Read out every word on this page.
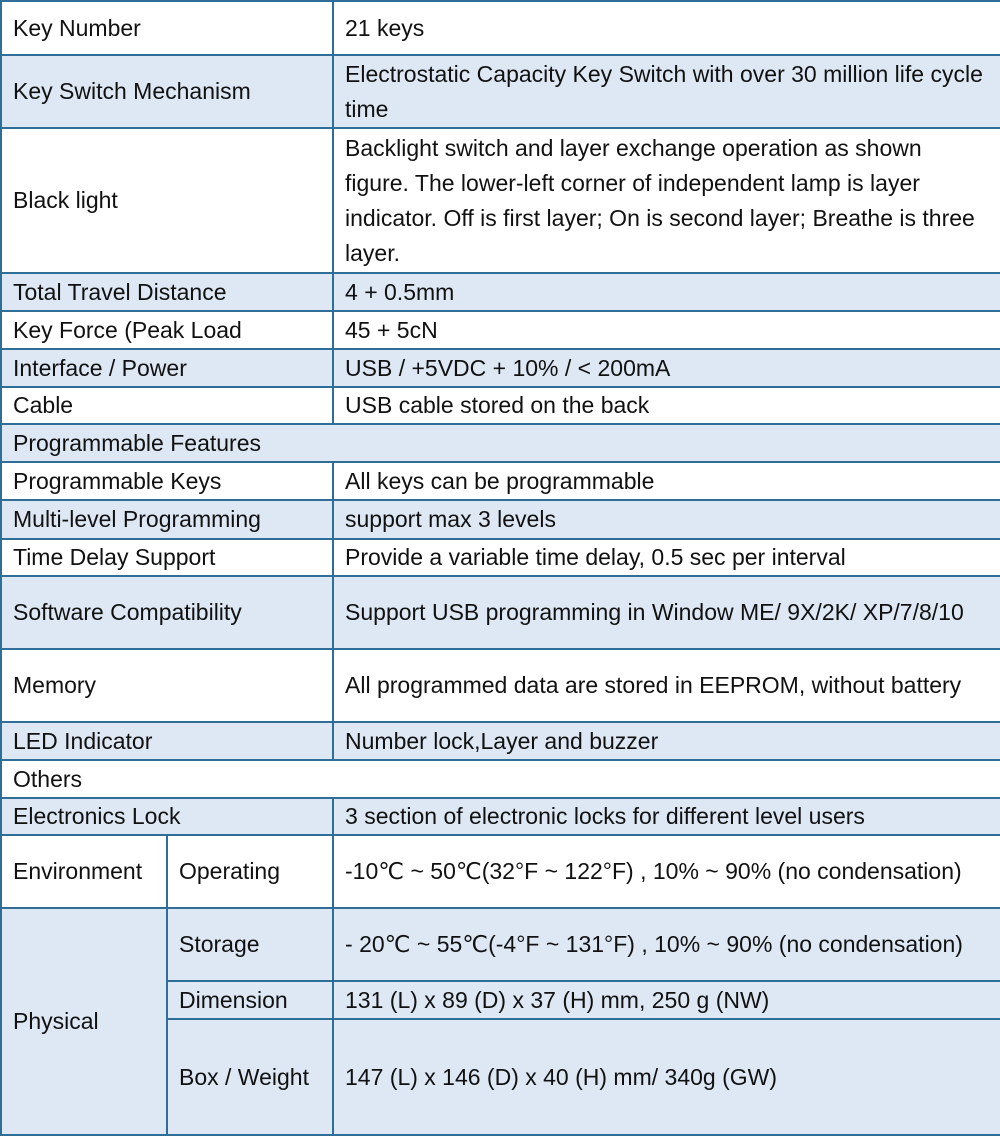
Key Number		21 keys
Key Switch Mechanism		Electrostatic Capacity Key Switch with over 30 million life cycle time
Black light		Backlight switch and layer exchange operation as shown figure. The lower-left corner of independent lamp is layer indicator. Off is first layer; On is second layer; Breathe is three layer.
Total Travel Distance		4 + 0.5mm
Key Force (Peak Load		45 + 5cN
Interface / Power		USB / +5VDC + 10% / < 200mA
Cable		USB cable stored on the back
Programmable Features		
Programmable Keys		All keys can be programmable
Multi-level Programming		support max 3 levels
Time Delay Support		Provide a variable time delay, 0.5 sec per interval
Software Compatibility		Support USB programming in Window ME/ 9X/2K/ XP/7/8/10
Memory		All programmed data are stored in EEPROM, without battery
LED Indicator		Number lock,Layer and buzzer
Others		
Electronics Lock		3 section of electronic locks for different level users
Environment	Operating	-10℃ ~ 50℃(32°F ~ 122°F) , 10% ~ 90% (no condensation)
Physical	Storage	- 20℃ ~ 55℃(-4°F ~ 131°F) , 10% ~ 90% (no condensation)
	Dimension	131 (L) x 89 (D) x 37 (H) mm, 250 g (NW)
	Box / Weight	147 (L) x 146 (D) x 40 (H) mm/ 340g (GW)
